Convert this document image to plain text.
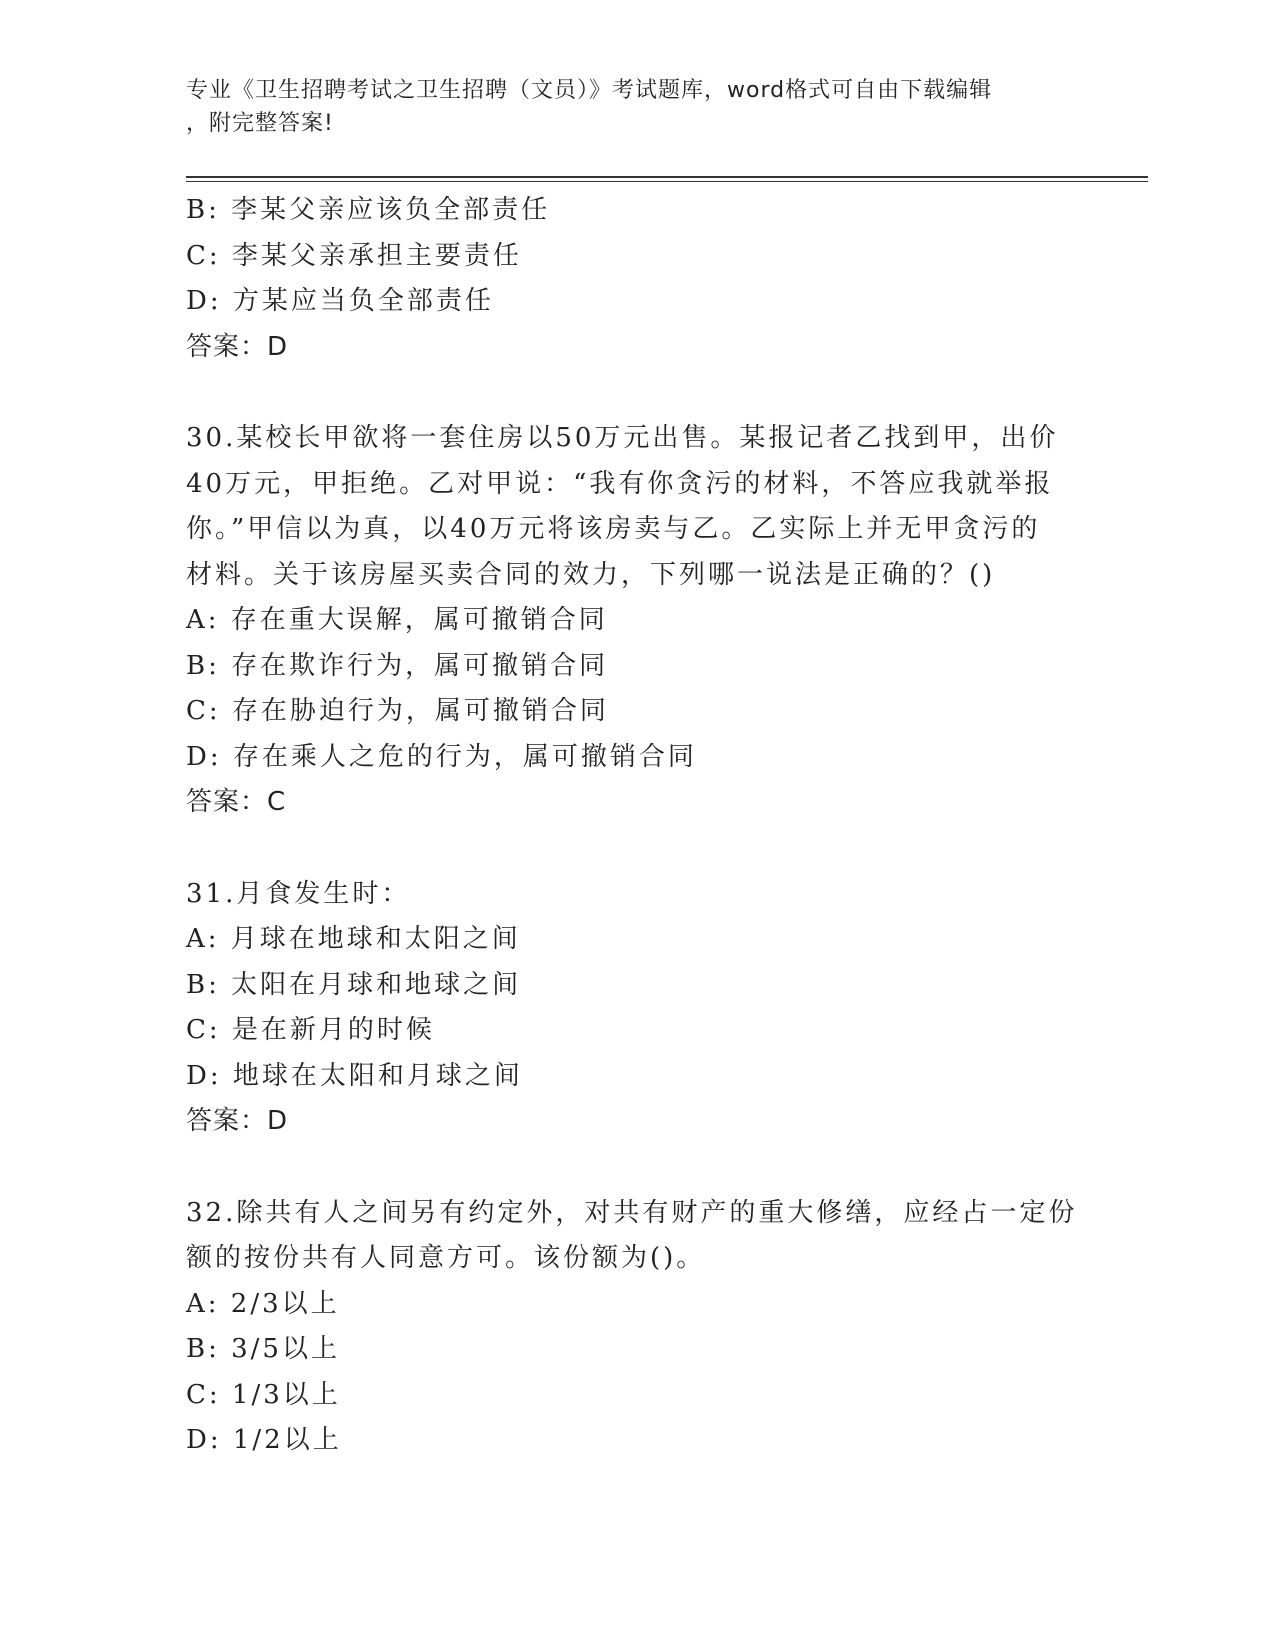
专业《卫生招聘考试之卫生招聘（文员）》考试题库，word格式可自由下载编辑
，附完整答案!
B: 李某父亲应该负全部责任
C: 李某父亲承担主要责任
D: 方某应当负全部责任
答案：D
30.某校长甲欲将一套住房以50万元出售。某报记者乙找到甲，出价
40万元，甲拒绝。乙对甲说：“我有你贪污的材料，不答应我就举报
你。”甲信以为真，以40万元将该房卖与乙。乙实际上并无甲贪污的
材料。关于该房屋买卖合同的效力，下列哪一说法是正确的？()
A: 存在重大误解，属可撤销合同
B: 存在欺诈行为，属可撤销合同
C: 存在胁迫行为，属可撤销合同
D: 存在乘人之危的行为，属可撤销合同
答案：C
31.月食发生时：
A: 月球在地球和太阳之间
B: 太阳在月球和地球之间
C: 是在新月的时候
D: 地球在太阳和月球之间
答案：D
32.除共有人之间另有约定外，对共有财产的重大修缮，应经占一定份
额的按份共有人同意方可。该份额为()。
A: 2/3以上
B: 3/5以上
C: 1/3以上
D: 1/2以上
